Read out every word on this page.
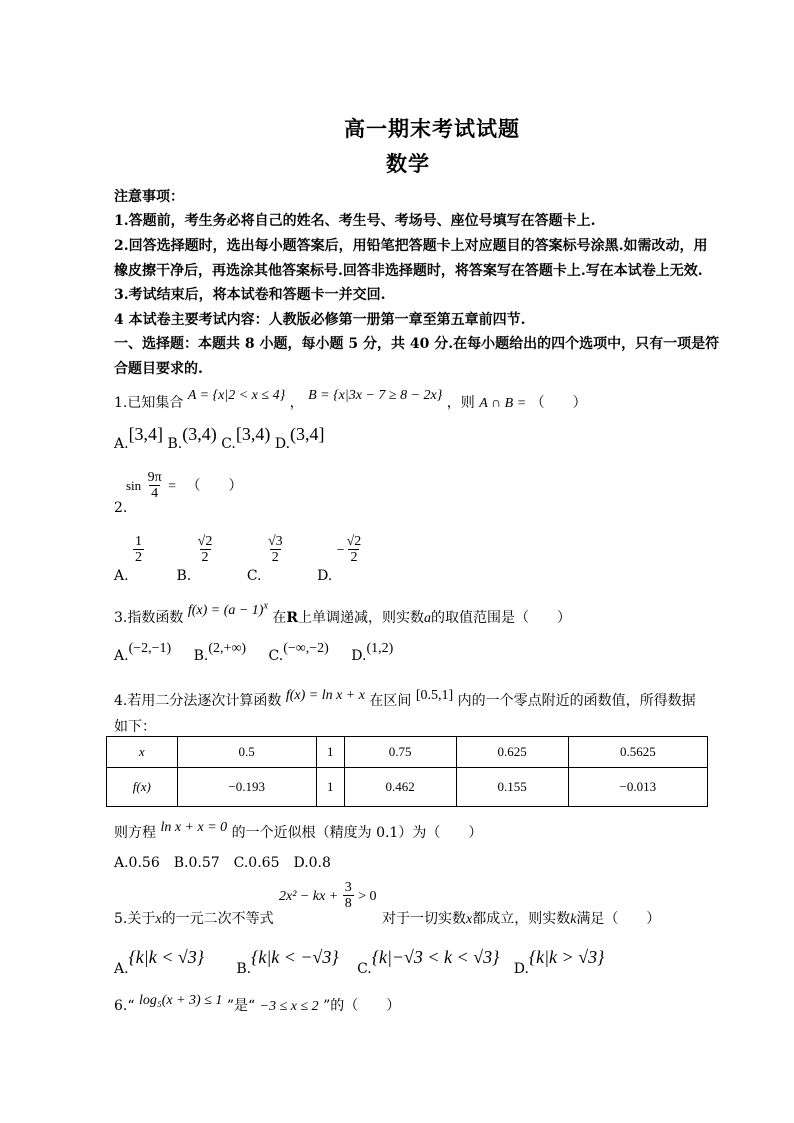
高一期末考试试题
数学
注意事项：
1.答题前，考生务必将自己的姓名、考生号、考场号、座位号填写在答题卡上.
2.回答选择题时，选出每小题答案后，用铅笔把答题卡上对应题目的答案标号涂黑.如需改动，用
橡皮擦干净后，再选涂其他答案标号.回答非选择题时，将答案写在答题卡上.写在本试卷上无效.
3.考试结束后，将本试卷和答题卡一并交回.
4 本试卷主要考试内容：人教版必修第一册第一章至第五章前四节.
一、选择题：本题共 8 小题，每小题 5 分，共 40 分.在每小题给出的四个选项中，只有一项是符
合题目要求的.
1.已知集合 A = {x|2 < x ≤ 4} ， B = {x|3x − 7 ≥ 8 − 2x} ，则 A ∩ B = （　　）
A.[3,4] B.(3,4) C.[3,4) D.(3,4]
2.
$\sin \frac{9\pi}{4}$ = （　　）
A.
$\frac{1}{2}$
B.
$\frac{√2}{2}$
C.
$\frac{√3}{2}$
D. − $\frac{√2}{2}$
3.指数函数 $f(x) = (a - 1)^x$ 在R上单调递减，则实数a的取值范围是（　　）
A.(−2,−1) B.(2,+∞) C.(−∞,−2) D.(1,2)
4.若用二分法逐次计算函数 f(x) = ln x + x 在区间 [0.5,1] 内的一个零点附近的函数值，所得数据
如下：
x	0.5	1	0.75	0.625	0.5625
f(x)	−0.193	1	0.462	0.155	−0.013
则方程 ln x + x = 0 的一个近似根（精度为 0.1）为（　　）
A.0.56　B.0.57　C.0.65　D.0.8
5.关于x的一元二次不等式
2x² − kx + $\frac{3}{8} > 0$
对于一切实数x都成立，则实数k满足（　　）
A.{k|k < √3} B.{k|k < −√3} C.{k|−√3 < k < √3} D.{k|k > √3}
6.“ log₅(x + 3) ≤ 1 ”是“ −3 ≤ x ≤ 2 ”的（　　）
